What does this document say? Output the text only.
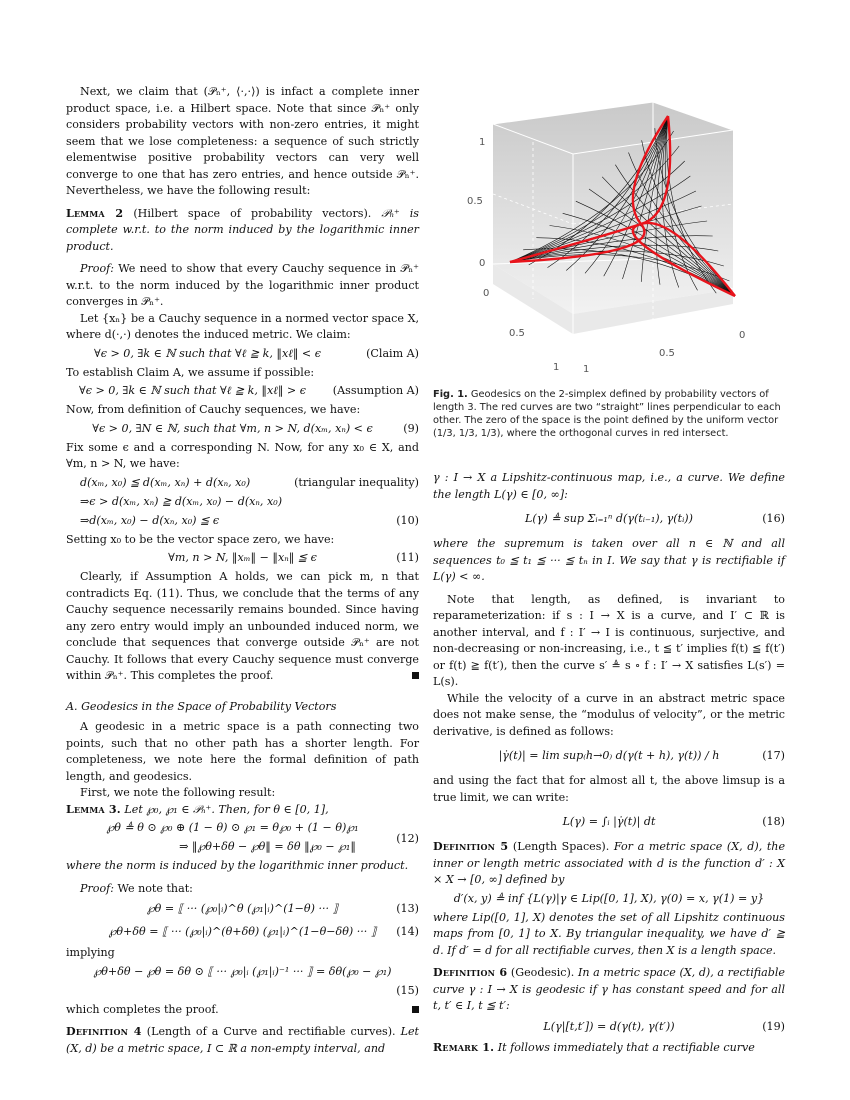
Next, we claim that (𝒫ₙ⁺, ⟨·,·⟩) is infact a complete inner product space, i.e. a Hilbert space. Note that since 𝒫ₙ⁺ only considers probability vectors with non-zero entries, it might seem that we lose completeness: a sequence of such strictly elementwise positive probability vectors can very well converge to one that has zero entries, and hence outside 𝒫ₙ⁺. Nevertheless, we have the following result:

Lemma 2 (Hilbert space of probability vectors). 𝒫ₙ⁺ is complete w.r.t. to the norm induced by the logarithmic inner product.

Proof: We need to show that every Cauchy sequence in 𝒫ₙ⁺ w.r.t. to the norm induced by the logarithmic inner product converges in 𝒫ₙ⁺.

Let {xₙ} be a Cauchy sequence in a normed vector space X, where d(·,·) denotes the induced metric. We claim:

∀ϵ > 0, ∃k ∈ ℕ such that ∀ℓ ≧ k, ‖xℓ‖ < ϵ	(Claim A)

To establish Claim A, we assume if possible:

∀ϵ > 0, ∃k ∈ ℕ such that ∀ℓ ≧ k, ‖xℓ‖ > ϵ	(Assumption A)

Now, from definition of Cauchy sequences, we have:

∀ϵ > 0, ∃N ∈ ℕ, such that ∀m, n > N, d(xₘ, xₙ) < ϵ	(9)

Fix some ϵ and a corresponding N. Now, for any x₀ ∈ X, and ∀m, n > N, we have:

d(xₘ, x₀) ≦ d(xₘ, xₙ) + d(xₙ, x₀)	(triangular inequality)
⇒ϵ > d(xₘ, xₙ) ≧ d(xₘ, x₀) − d(xₙ, x₀)
⇒d(xₘ, x₀) − d(xₙ, x₀) ≦ ϵ	(10)

Setting x₀ to be the vector space zero, we have:

∀m, n > N, ‖xₘ‖ − ‖xₙ‖ ≦ ϵ	(11)

Clearly, if Assumption A holds, we can pick m, n that contradicts Eq. (11). Thus, we conclude that the terms of any Cauchy sequence necessarily remains bounded. Since having any zero entry would imply an unbounded induced norm, we conclude that sequences that converge outside 𝒫ₙ⁺ are not Cauchy. It follows that every Cauchy sequence must converge within 𝒫ₙ⁺. This completes the proof.

A. Geodesics in the Space of Probability Vectors

A geodesic in a metric space is a path connecting two points, such that no other path has a shorter length. For completeness, we note here the formal definition of path length, and geodesics.

First, we note the following result:

Lemma 3. Let ℘₀, ℘₁ ∈ 𝒫ₙ⁺. Then, for θ ∈ [0, 1],

℘θ ≜ θ ⊙ ℘₀ ⊕ (1 − θ) ⊙ ℘₁ = θ℘₀ + (1 − θ)℘₁
⇒ ‖℘θ+δθ − ℘θ‖ = δθ ‖℘₀ − ℘₁‖
(12)

where the norm is induced by the logarithmic inner product.

Proof: We note that:

℘θ = ⟦ ··· (℘₀|ᵢ)^θ (℘₁|ᵢ)^(1−θ) ··· ⟧	(13)
℘θ+δθ = ⟦ ··· (℘₀|ᵢ)^(θ+δθ) (℘₁|ᵢ)^(1−θ−δθ) ··· ⟧	(14)

implying

℘θ+δθ − ℘θ = δθ ⊙ ⟦ ··· ℘₀|ᵢ (℘₁|ᵢ)⁻¹ ··· ⟧ = δθ(℘₀ − ℘₁)
(15)

which completes the proof.

Definition 4 (Length of a Curve and rectifiable curves). Let (X, d) be a metric space, I ⊂ ℝ a non-empty interval, and

1
0.5
0
0
0.5
1
0
0.5
1
Fig. 1. Geodesics on the 2-simplex defined by probability vectors of length 3. The red curves are two “straight” lines perpendicular to each other. The zero of the space is the point defined by the uniform vector (1/3, 1/3, 1/3), where the orthogonal curves in red intersect.

γ : I → X a Lipshitz-continuous map, i.e., a curve. We define the length L(γ) ∈ [0, ∞]:

L(γ) ≜ sup Σᵢ₌₁ⁿ d(γ(tᵢ₋₁), γ(tᵢ))	(16)

where the supremum is taken over all n ∈ ℕ and all sequences t₀ ≦ t₁ ≦ ··· ≦ tₙ in I. We say that γ is rectifiable if L(γ) < ∞.

Note that length, as defined, is invariant to reparameterization: if s : I → X is a curve, and I′ ⊂ ℝ is another interval, and f : I′ → I is continuous, surjective, and non-decreasing or non-increasing, i.e., t ≦ t′ implies f(t) ≦ f(t′) or f(t) ≧ f(t′), then the curve s′ ≜ s ∘ f : I′ → X satisfies L(s′) = L(s).

While the velocity of a curve in an abstract metric space does not make sense, the “modulus of velocity”, or the metric derivative, is defined as follows:

|γ̇(t)| = lim sup₍h→0₎ d(γ(t + h), γ(t)) / h	(17)

and using the fact that for almost all t, the above limsup is a true limit, we can write:

L(γ) = ∫ᵢ |γ̇(t)| dt	(18)

Definition 5 (Length Spaces). For a metric space (X, d), the inner or length metric associated with d is the function d′ : X × X → [0, ∞] defined by

d′(x, y) ≜ inf {L(γ)|γ ∈ Lip([0, 1], X), γ(0) = x, γ(1) = y}

where Lip([0, 1], X) denotes the set of all Lipshitz continuous maps from [0, 1] to X. By triangular inequality, we have d′ ≧ d. If d′ = d for all rectifiable curves, then X is a length space.

Definition 6 (Geodesic). In a metric space (X, d), a rectifiable curve γ : I → X is geodesic if γ has constant speed and for all t, t′ ∈ I, t ≦ t′:

L(γ|[t,t′]) = d(γ(t), γ(t′))	(19)

Remark 1. It follows immediately that a rectifiable curve
